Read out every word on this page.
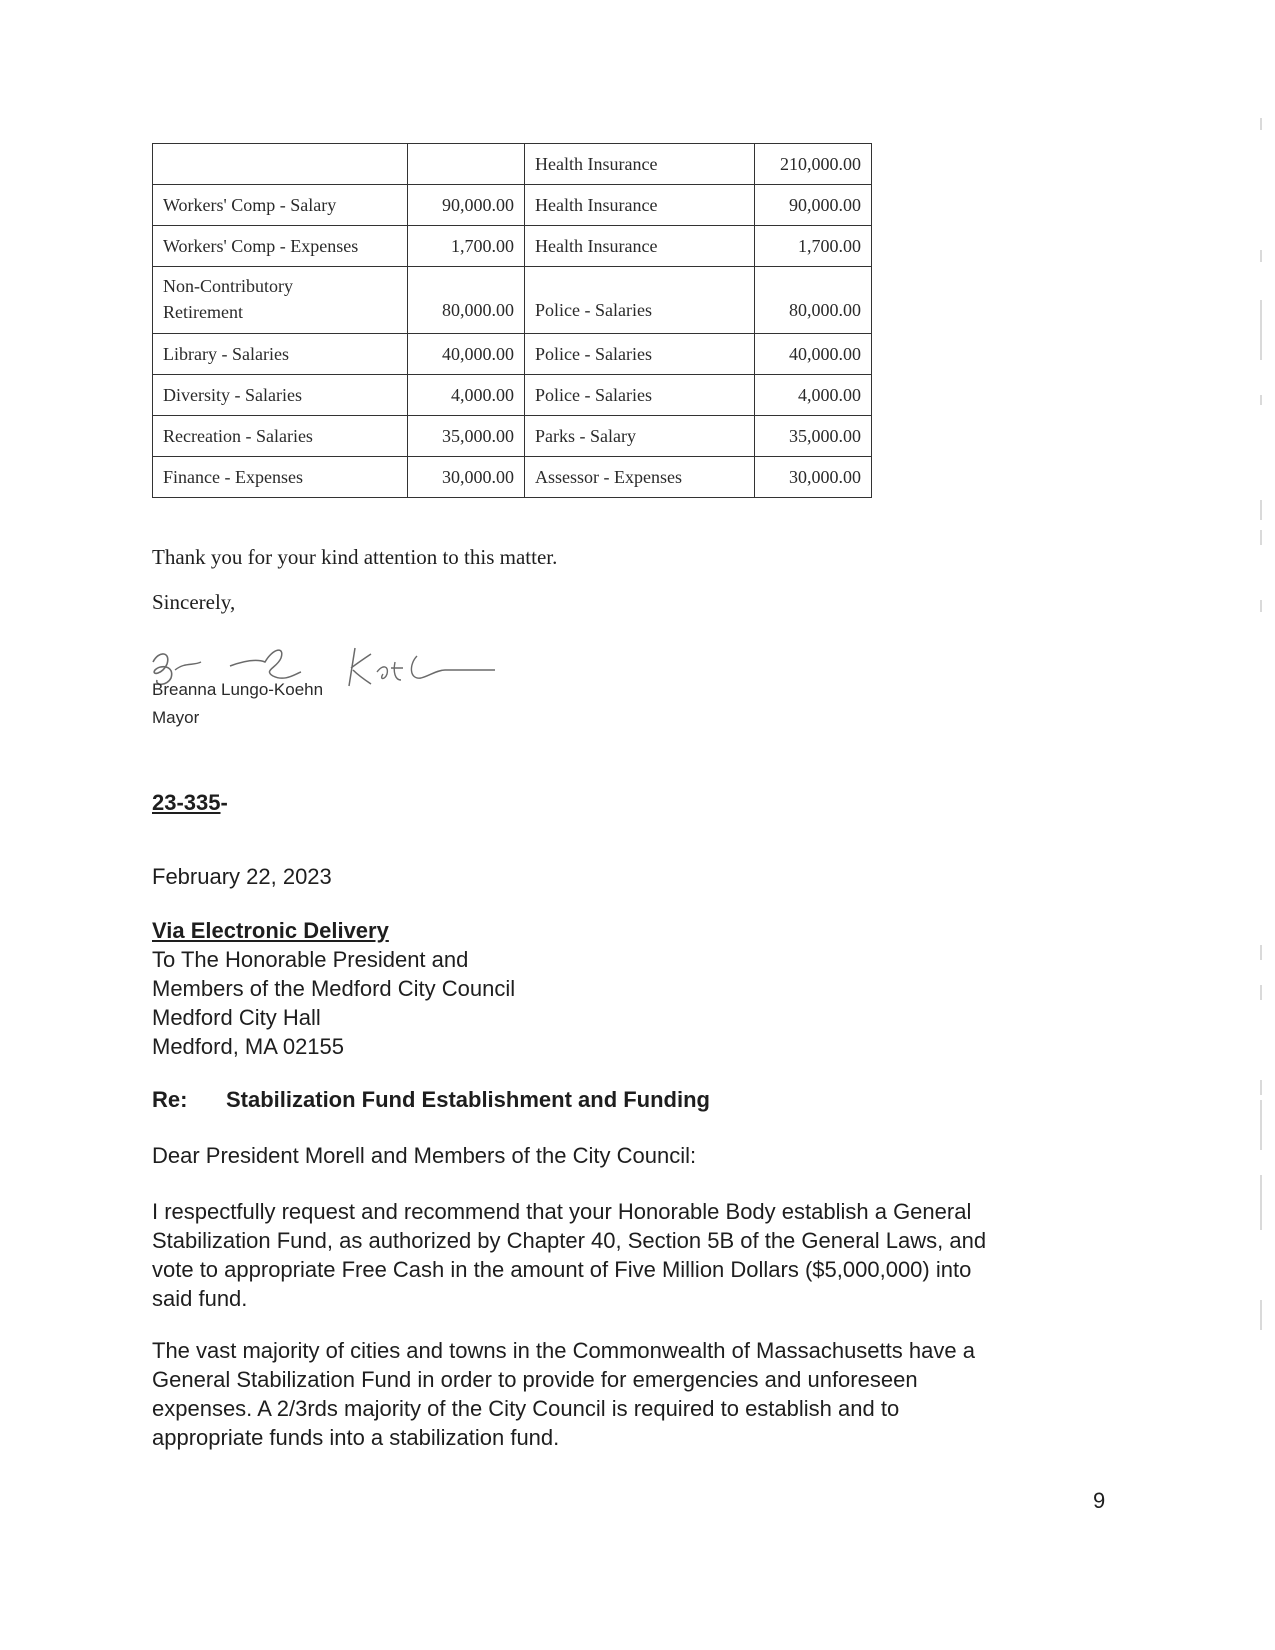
		Health Insurance	210,000.00
Workers' Comp - Salary	90,000.00	Health Insurance	90,000.00
Workers' Comp - Expenses	1,700.00	Health Insurance	1,700.00

Non-Contributory
Retirement	80,000.00	Police - Salaries	80,000.00
Library - Salaries	40,000.00	Police - Salaries	40,000.00
Diversity - Salaries	4,000.00	Police - Salaries	4,000.00
Recreation - Salaries	35,000.00	Parks - Salary	35,000.00
Finance - Expenses	30,000.00	Assessor - Expenses	30,000.00
Thank you for your kind attention to this matter.
Sincerely,
Breanna Lungo-Koehn
Mayor
23-335-
February 22, 2023
Via Electronic Delivery
To The Honorable President and
Members of the Medford City Council
Medford City Hall
Medford, MA 02155
Re: Stabilization Fund Establishment and Funding
Dear President Morell and Members of the City Council:
I respectfully request and recommend that your Honorable Body establish a General
Stabilization Fund, as authorized by Chapter 40, Section 5B of the General Laws, and
vote to appropriate Free Cash in the amount of Five Million Dollars ($5,000,000) into
said fund.
The vast majority of cities and towns in the Commonwealth of Massachusetts have a
General Stabilization Fund in order to provide for emergencies and unforeseen
expenses. A 2/3rds majority of the City Council is required to establish and to
appropriate funds into a stabilization fund.
9
